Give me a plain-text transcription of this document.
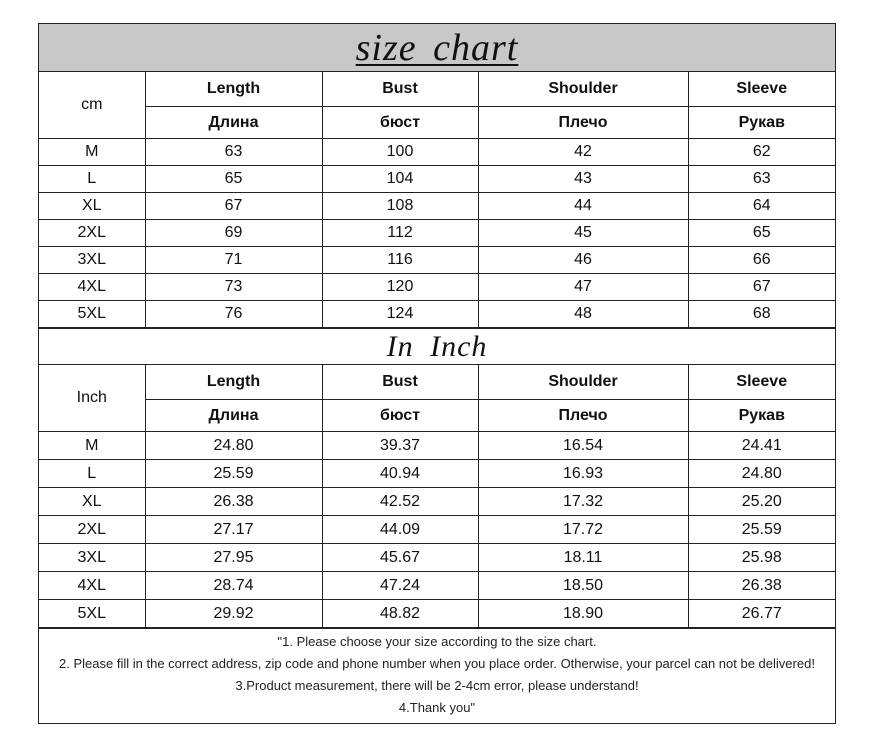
size chart
cm	Length	Bust	Shoulder	Sleeve
	Длина	бюст	Плечо	Рукав
M	63	100	42	62
L	65	104	43	63
XL	67	108	44	64
2XL	69	112	45	65
3XL	71	116	46	66
4XL	73	120	47	67
5XL	76	124	48	68
In Inch
Inch	Length	Bust	Shoulder	Sleeve
	Длина	бюст	Плечо	Рукав
M	24.80	39.37	16.54	24.41
L	25.59	40.94	16.93	24.80
XL	26.38	42.52	17.32	25.20
2XL	27.17	44.09	17.72	25.59
3XL	27.95	45.67	18.11	25.98
4XL	28.74	47.24	18.50	26.38
5XL	29.92	48.82	18.90	26.77
"1. Please choose your size according to the size chart.
2. Please fill in the correct address, zip code and phone number when you place order. Otherwise, your parcel can not be delivered!
3.Product measurement, there will be 2-4cm error, please understand!
4.Thank you"
